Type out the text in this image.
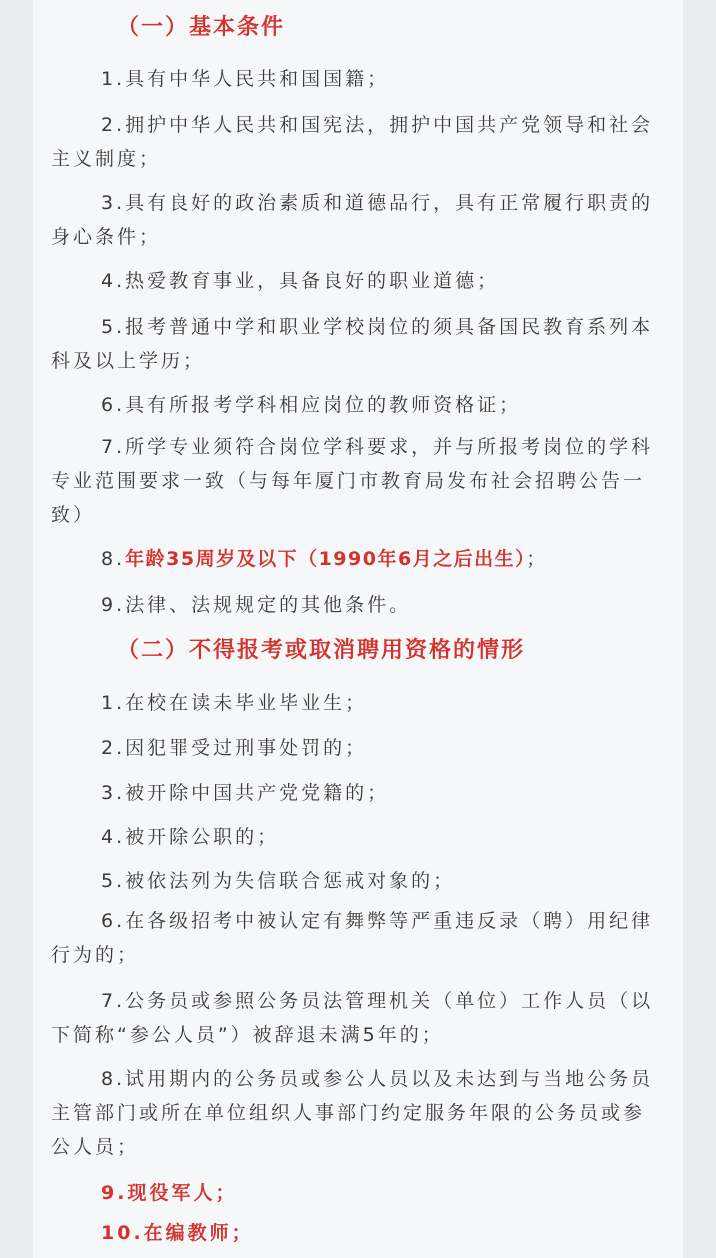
（一）基本条件

1.具有中华人民共和国国籍；

2.拥护中华人民共和国宪法，拥护中国共产党领导和社会主义制度；

3.具有良好的政治素质和道德品行，具有正常履行职责的身心条件；

4.热爱教育事业，具备良好的职业道德；

5.报考普通中学和职业学校岗位的须具备国民教育系列本科及以上学历；

6.具有所报考学科相应岗位的教师资格证；

7.所学专业须符合岗位学科要求，并与所报考岗位的学科专业范围要求一致（与每年厦门市教育局发布社会招聘公告一致）

8.年龄35周岁及以下（1990年6月之后出生）；

9.法律、法规规定的其他条件。

（二）不得报考或取消聘用资格的情形

1.在校在读未毕业毕业生；

2.因犯罪受过刑事处罚的；

3.被开除中国共产党党籍的；

4.被开除公职的；

5.被依法列为失信联合惩戒对象的；

6.在各级招考中被认定有舞弊等严重违反录（聘）用纪律行为的；

7.公务员或参照公务员法管理机关（单位）工作人员（以下简称“参公人员”）被辞退未满5年的；

8.试用期内的公务员或参公人员以及未达到与当地公务员主管部门或所在单位组织人事部门约定服务年限的公务员或参公人员；

9.现役军人；

10.在编教师；
